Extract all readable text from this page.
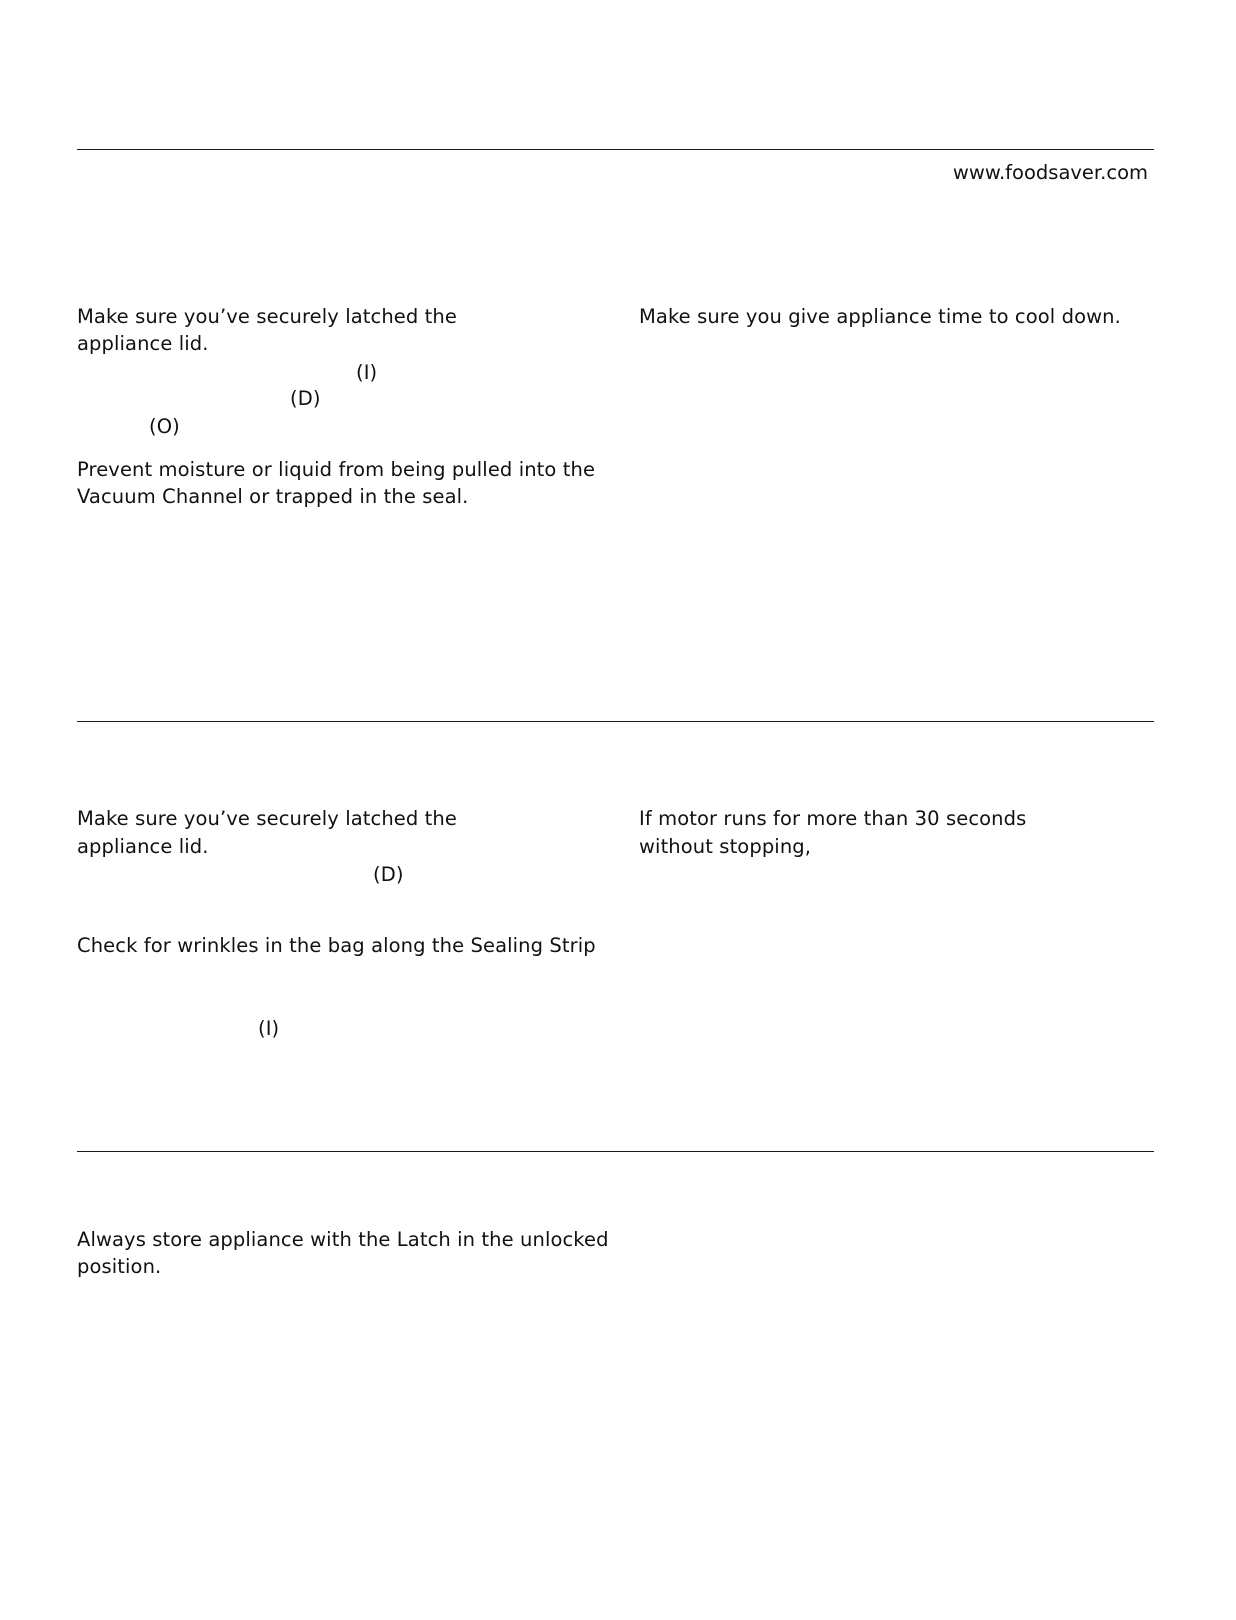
www.foodsaver.com
Make sure you’ve securely latched the
appliance lid.
(I)
(D)
(O)
Prevent moisture or liquid from being pulled into the
Vacuum Channel or trapped in the seal.
Make sure you give appliance time to cool down.
Make sure you’ve securely latched the
appliance lid.
(D)
Check for wrinkles in the bag along the Sealing Strip
(I)
If motor runs for more than 30 seconds
without stopping,
Always store appliance with the Latch in the unlocked
position.
